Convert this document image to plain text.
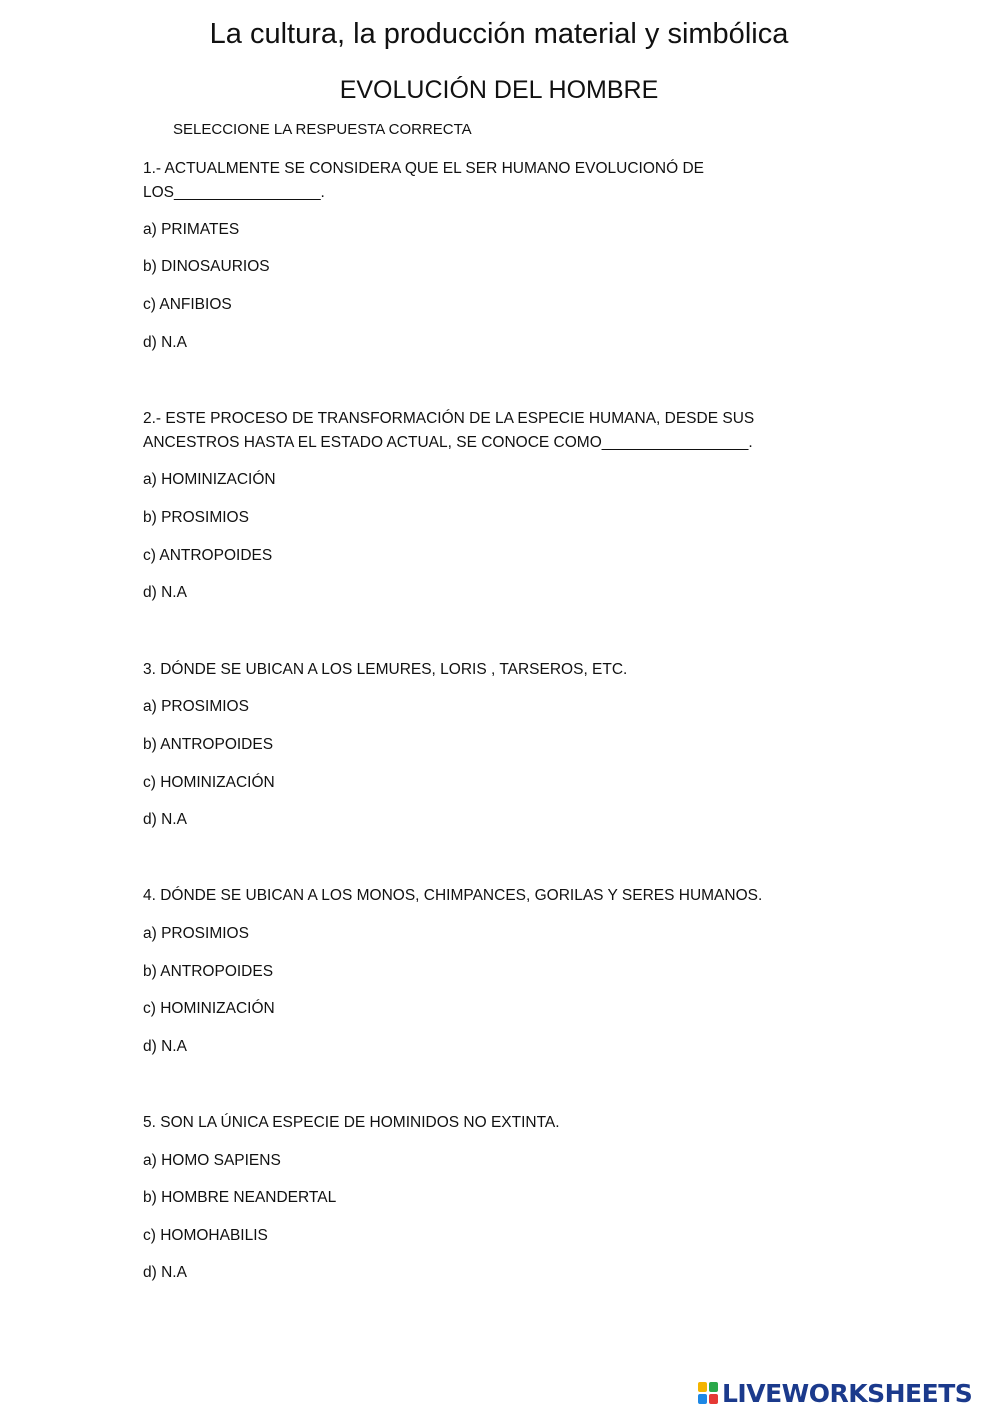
La cultura, la producción material y simbólica
EVOLUCIÓN DEL HOMBRE
SELECCIONE LA RESPUESTA CORRECTA
1.- ACTUALMENTE SE CONSIDERA QUE EL SER HUMANO EVOLUCIONÓ DE LOS_________________.
a) PRIMATES
b) DINOSAURIOS
c) ANFIBIOS
d) N.A
2.- ESTE PROCESO DE TRANSFORMACIÓN DE LA ESPECIE HUMANA, DESDE SUS ANCESTROS HASTA EL ESTADO ACTUAL, SE CONOCE COMO_________________.
a) HOMINIZACIÓN
b) PROSIMIOS
c) ANTROPOIDES
d) N.A
3. DÓNDE SE UBICAN A LOS LEMURES, LORIS , TARSEROS, ETC.
a) PROSIMIOS
b) ANTROPOIDES
c) HOMINIZACIÓN
d) N.A
4. DÓNDE SE UBICAN A LOS MONOS, CHIMPANCES, GORILAS Y SERES HUMANOS.
a) PROSIMIOS
b) ANTROPOIDES
c) HOMINIZACIÓN
d) N.A
5. SON LA ÚNICA ESPECIE DE HOMINIDOS NO EXTINTA.
a) HOMO SAPIENS
b) HOMBRE NEANDERTAL
c) HOMOHABILIS
d) N.A
LIVEWORKSHEETS
